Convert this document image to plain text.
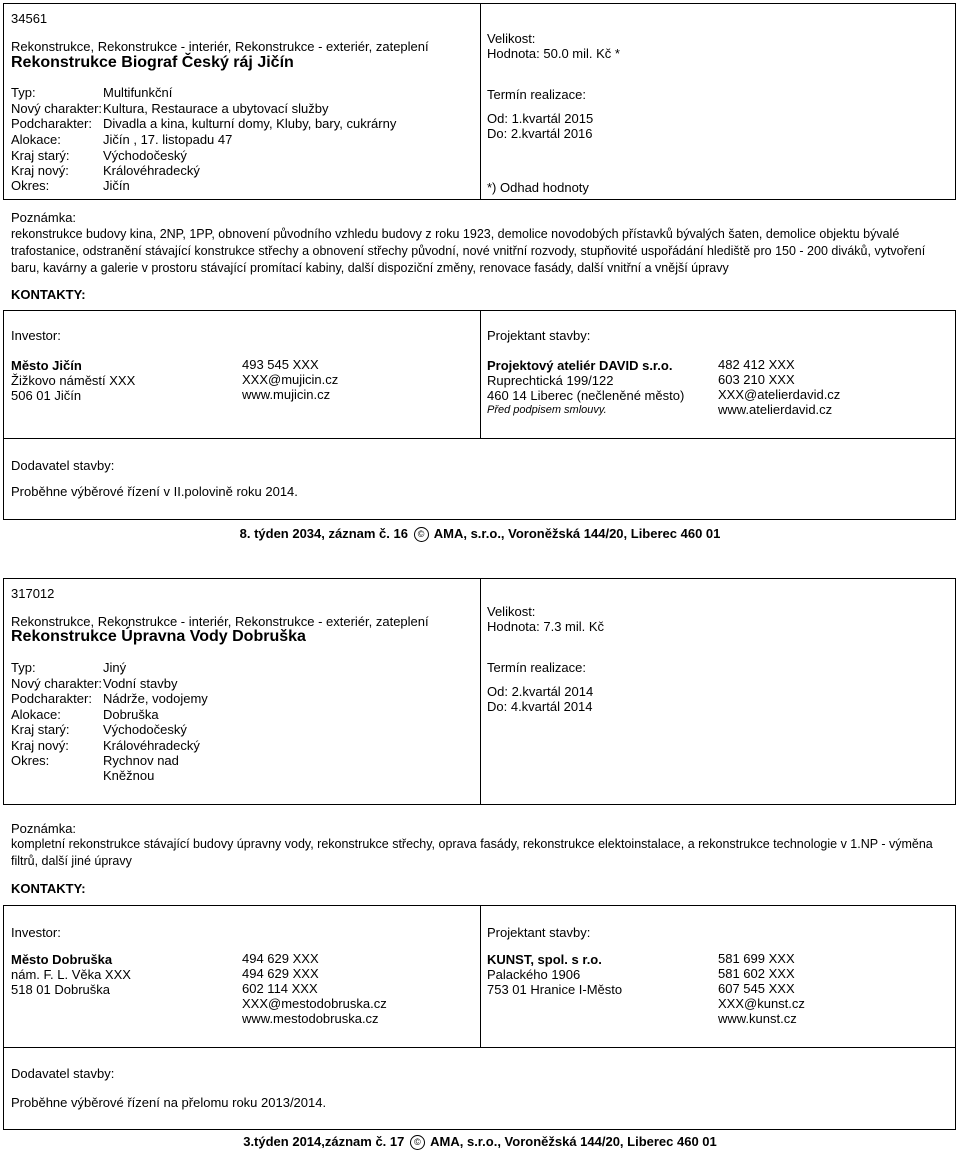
34561
Rekonstrukce, Rekonstrukce - interiér, Rekonstrukce - exteriér, zateplení
Rekonstrukce Biograf Český ráj Jičín
Typ:	Multifunkční
Nový charakter: Kultura, Restaurace a ubytovací služby
Podcharakter: Divadla a kina, kulturní domy, Kluby, bary, cukrárny
Alokace:	Jičín , 17. listopadu 47
Kraj starý:	Východočeský
Kraj nový:	Královéhradecký
Okres:	Jičín
Velikost:
Hodnota: 50.0 mil. Kč *
Termín realizace:
Od: 1.kvartál 2015
Do: 2.kvartál 2016
*) Odhad hodnoty
Poznámka:
rekonstrukce budovy kina, 2NP, 1PP, obnovení původního vzhledu budovy z roku 1923, demolice novodobých přístavků bývalých šaten, demolice objektu bývalé trafostanice, odstranění stávající konstrukce střechy a obnovení střechy původní, nové vnitřní rozvody, stupňovité uspořádání hlediště pro 150 - 200 diváků, vytvoření baru, kavárny a galerie v prostoru stávající promítací kabiny, další dispoziční změny, renovace fasády, další vnitřní a vnější úpravy
KONTAKTY:
Investor:
Město Jičín
Žižkovo náměstí XXX
506 01 Jičín
493 545 XXX
XXX@mujicin.cz
www.mujicin.cz
Projektant stavby:
Projektový ateliér DAVID s.r.o.
Ruprechtická 199/122
460 14 Liberec (nečleněné město)
Před podpisem smlouvy.
482 412 XXX
603 210 XXX
XXX@atelierdavid.cz
www.atelierdavid.cz
Dodavatel stavby:
Proběhne výběrové řízení v II.polovině roku 2014.
8. týden 2034, záznam č. 16 © AMA, s.r.o., Voroněžská 144/20, Liberec 460 01
317012
Rekonstrukce, Rekonstrukce - interiér, Rekonstrukce - exteriér, zateplení
Rekonstrukce Úpravna Vody Dobruška
Typ:	Jiný
Nový charakter: Vodní stavby
Podcharakter: Nádrže, vodojemy
Alokace:	Dobruška
Kraj starý:	Východočeský
Kraj nový:	Královéhradecký
Okres:	Rychnov nad
Kněžnou
Velikost:
Hodnota: 7.3 mil. Kč
Termín realizace:
Od: 2.kvartál 2014
Do: 4.kvartál 2014
Poznámka:
kompletní rekonstrukce stávající budovy úpravny vody, rekonstrukce střechy, oprava fasády, rekonstrukce elektoinstalace, a rekonstrukce technologie v 1.NP - výměna filtrů, další jiné úpravy
KONTAKTY:
Investor:
Město Dobruška
nám. F. L. Věka XXX
518 01 Dobruška
494 629 XXX
494 629 XXX
602 114 XXX
XXX@mestodobruska.cz
www.mestodobruska.cz
Projektant stavby:
KUNST, spol. s r.o.
Palackého 1906
753 01 Hranice I-Město
581 699 XXX
581 602 XXX
607 545 XXX
XXX@kunst.cz
www.kunst.cz
Dodavatel stavby:
Proběhne výběrové řízení na přelomu roku 2013/2014.
3.týden 2014,záznam č. 17 © AMA, s.r.o., Voroněžská 144/20, Liberec 460 01
